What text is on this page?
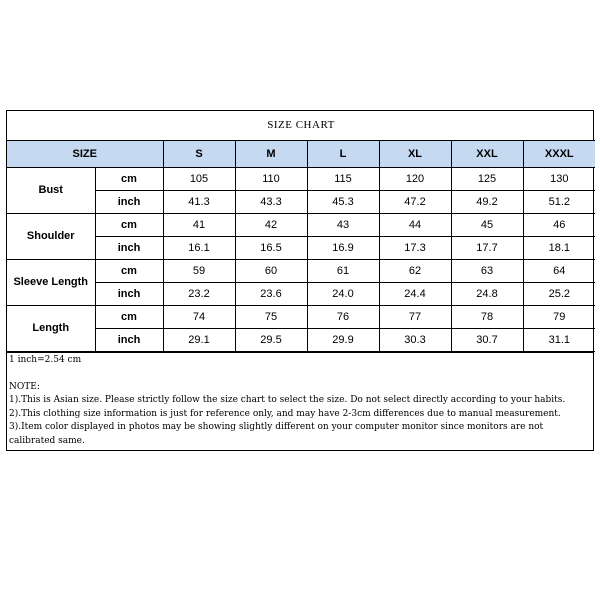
SIZE CHART							
SIZE		S	M	L	XL	XXL	XXXL
Bust	cm	105	110	115	120	125	130
	inch	41.3	43.3	45.3	47.2	49.2	51.2
Shoulder	cm	41	42	43	44	45	46
	inch	16.1	16.5	16.9	17.3	17.7	18.1
Sleeve Length	cm	59	60	61	62	63	64
	inch	23.2	23.6	24.0	24.4	24.8	25.2
Length	cm	74	75	76	77	78	79
	inch	29.1	29.5	29.9	30.3	30.7	31.1
1 inch=2.54 cm
NOTE:
1).This is Asian size. Please strictly follow the size chart to select the size. Do not select directly according to your habits.
2).This clothing size information is just for reference only, and may have 2-3cm differences due to manual measurement.
3).Item color displayed in photos may be showing slightly different on your computer monitor since monitors are not calibrated same.
